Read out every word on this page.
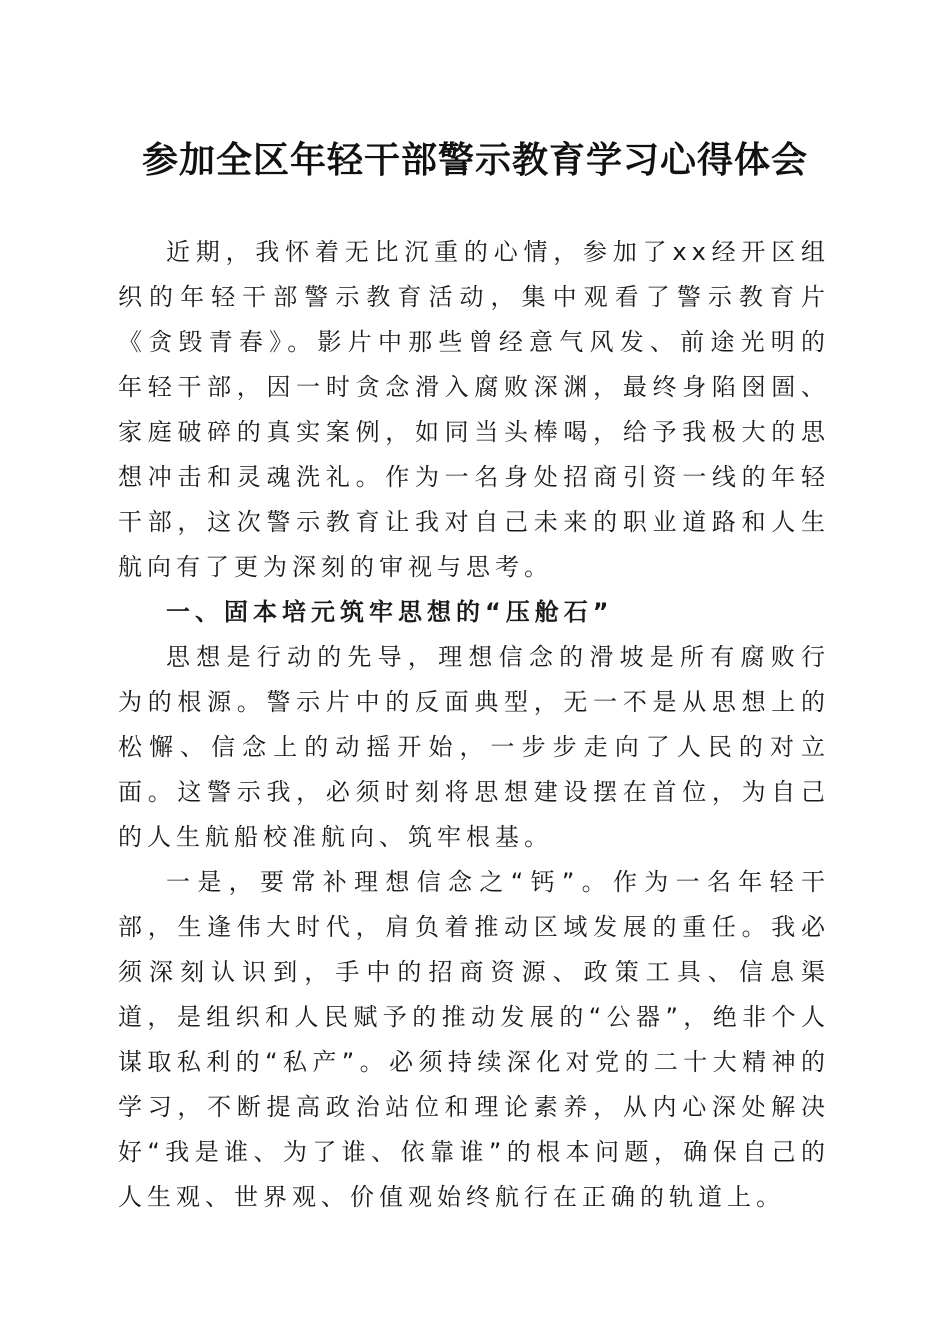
参加全区年轻干部警示教育学习心得体会

近期，我怀着无比沉重的心情，参加了xx经开区组织的年轻干部警示教育活动，集中观看了警示教育片《贪毁青春》。影片中那些曾经意气风发、前途光明的年轻干部，因一时贪念滑入腐败深渊，最终身陷囹圄、家庭破碎的真实案例，如同当头棒喝，给予我极大的思想冲击和灵魂洗礼。作为一名身处招商引资一线的年轻干部，这次警示教育让我对自己未来的职业道路和人生航向有了更为深刻的审视与思考。

一、固本培元筑牢思想的“压舱石”

思想是行动的先导，理想信念的滑坡是所有腐败行为的根源。警示片中的反面典型，无一不是从思想上的松懈、信念上的动摇开始，一步步走向了人民的对立面。这警示我，必须时刻将思想建设摆在首位，为自己的人生航船校准航向、筑牢根基。

一是，要常补理想信念之“钙”。作为一名年轻干部，生逢伟大时代，肩负着推动区域发展的重任。我必须深刻认识到，手中的招商资源、政策工具、信息渠道，是组织和人民赋予的推动发展的“公器”，绝非个人谋取私利的“私产”。必须持续深化对党的二十大精神的学习，不断提高政治站位和理论素养，从内心深处解决好“我是谁、为了谁、依靠谁”的根本问题，确保自己的人生观、世界观、价值观始终航行在正确的轨道上。
